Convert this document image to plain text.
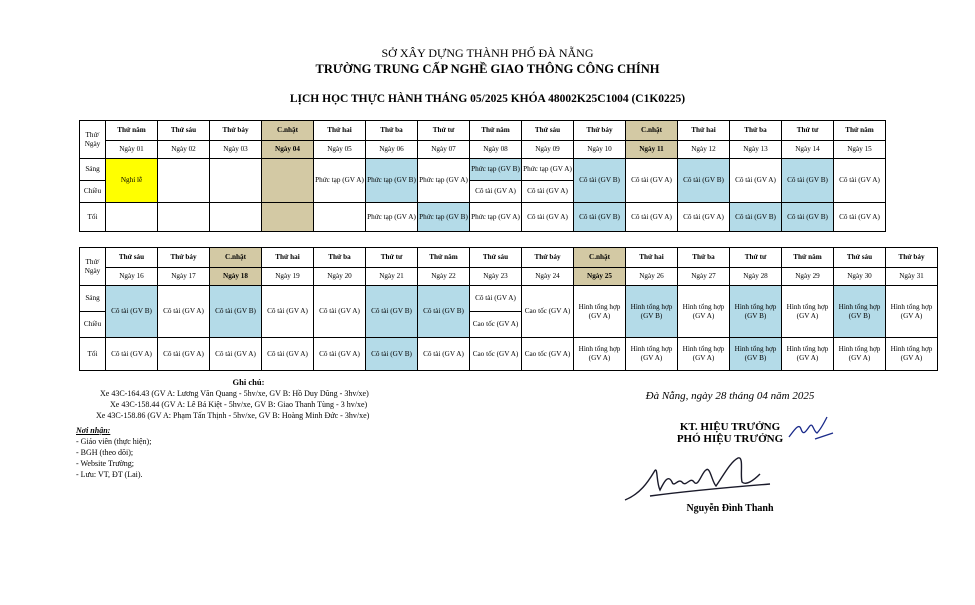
SỞ XÂY DỰNG THÀNH PHỐ ĐÀ NẴNG
TRƯỜNG TRUNG CẤP NGHỀ GIAO THÔNG CÔNG CHÍNH
LỊCH HỌC THỰC HÀNH THÁNG 05/2025 KHÓA 48002K25C1004 (C1K0225)
Thứ/ Ngày	Thứ năm	Thứ sáu	Thứ bảy	C.nhật	Thứ hai	Thứ ba	Thứ tư	Thứ năm	Thứ sáu	Thứ bảy	C.nhật	Thứ hai	Thứ ba	Thứ tư	Thứ năm
	Ngày 01	Ngày 02	Ngày 03	Ngày 04	Ngày 05	Ngày 06	Ngày 07	Ngày 08	Ngày 09	Ngày 10	Ngày 11	Ngày 12	Ngày 13	Ngày 14	Ngày 15
Sáng	Nghỉ lễ				Phức tạp (GV A)	Phức tạp (GV B)	Phức tạp (GV A)	Phức tạp (GV B)	Phức tạp (GV A)	Cô tài (GV B)	Cô tài (GV A)	Cô tài (GV B)	Cô tài (GV A)	Cô tài (GV B)	Cô tài (GV A)
Chiều								Cô tài (GV A)	Cô tài (GV A)						
Tối						Phức tạp (GV A)	Phức tạp (GV B)	Phức tạp (GV A)	Cô tài (GV A)	Cô tài (GV B)	Cô tài (GV A)	Cô tài (GV A)	Cô tài (GV B)	Cô tài (GV B)	Cô tài (GV A)
Thứ/ Ngày	Thứ sáu	Thứ bảy	C.nhật	Thứ hai	Thứ ba	Thứ tư	Thứ năm	Thứ sáu	Thứ bảy	C.nhật	Thứ hai	Thứ ba	Thứ tư	Thứ năm	Thứ sáu	Thứ bảy
	Ngày 16	Ngày 17	Ngày 18	Ngày 19	Ngày 20	Ngày 21	Ngày 22	Ngày 23	Ngày 24	Ngày 25	Ngày 26	Ngày 27	Ngày 28	Ngày 29	Ngày 30	Ngày 31
Sáng	Cô tài (GV B)	Cô tài (GV A)	Cô tài (GV B)	Cô tài (GV A)	Cô tài (GV A)	Cô tài (GV B)	Cô tài (GV B)	Cô tài (GV A)	Cao tốc (GV A)	Hình tổng hợp (GV A)	Hình tổng hợp (GV B)	Hình tổng hợp (GV A)	Hình tổng hợp (GV B)	Hình tổng hợp (GV A)	Hình tổng hợp (GV B)	Hình tổng hợp (GV A)
Chiều								Cao tốc (GV A)								
Tối	Cô tài (GV A)	Cô tài (GV A)	Cô tài (GV A)	Cô tài (GV A)	Cô tài (GV A)	Cô tài (GV B)	Cô tài (GV A)	Cao tốc (GV A)	Cao tốc (GV A)	Hình tổng hợp (GV A)	Hình tổng hợp (GV A)	Hình tổng hợp (GV A)	Hình tổng hợp (GV B)	Hình tổng hợp (GV A)	Hình tổng hợp (GV A)	Hình tổng hợp (GV A)
Ghi chú:
Xe 43C-164.43 (GV A: Lương Văn Quang - 5hv/xe, GV B: Hồ Duy Dũng - 3hv/xe)
Xe 43C-158.44 (GV A: Lê Bá Kiệt - 5hv/xe, GV B: Giao Thanh Tùng - 3 hv/xe)
Xe 43C-158.86 (GV A: Phạm Tấn Thịnh - 5hv/xe, GV B: Hoàng Minh Đức - 3hv/xe)
Nơi nhận:
- Giáo viên (thực hiện);
- BGH (theo dõi);
- Website Trường;
- Lưu: VT, ĐT (Lai).
Đà Nẵng, ngày 28 tháng 04 năm 2025
KT. HIỆU TRƯỞNG
PHÓ HIỆU TRƯỞNG
Nguyễn Đình Thanh
